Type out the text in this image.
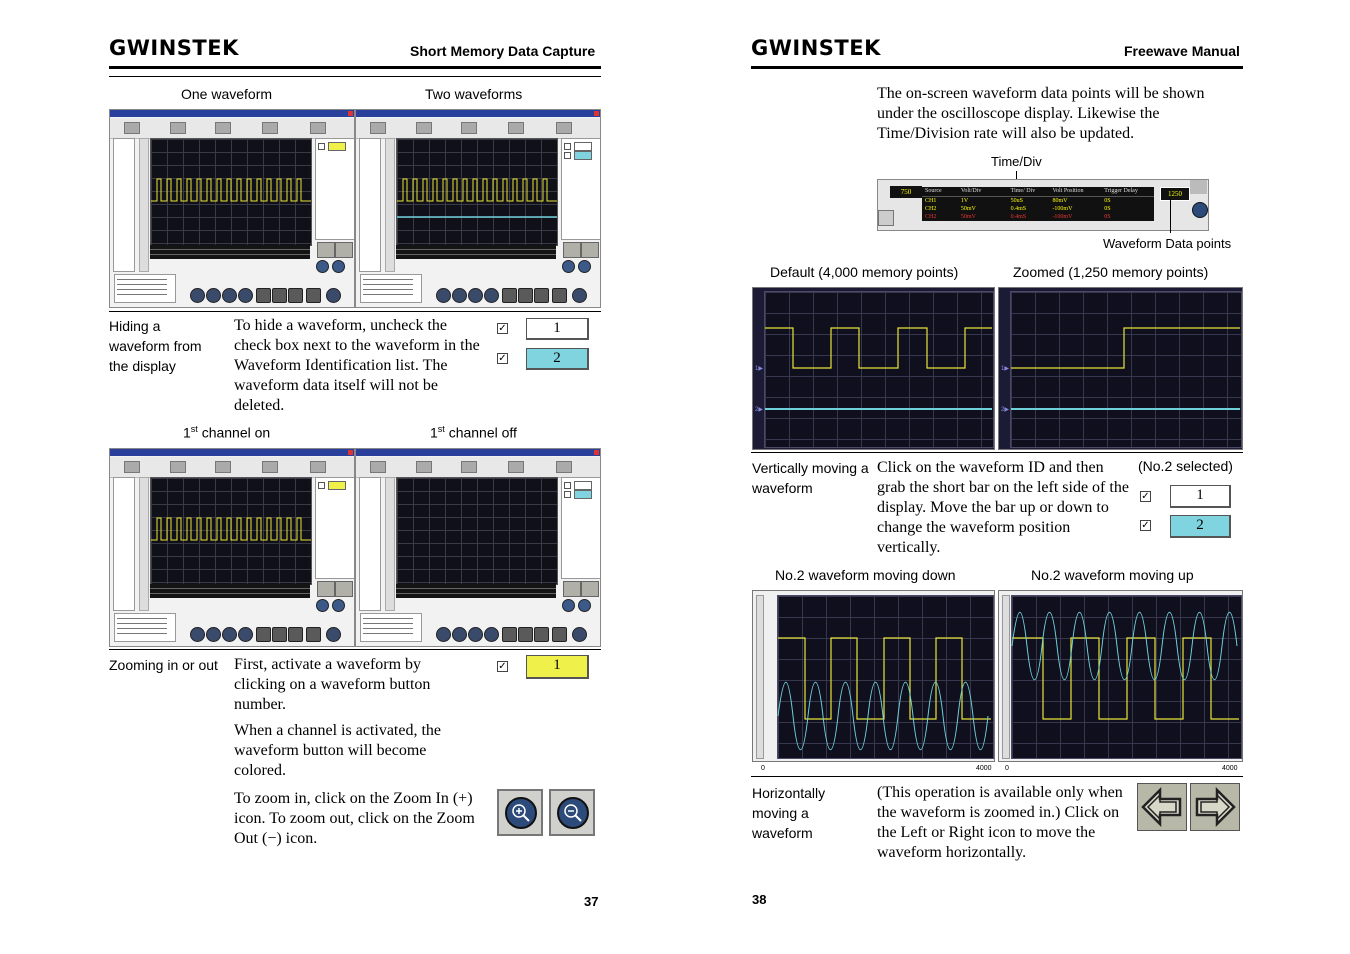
GWINSTEK	Short Memory Data Capture
One waveform	Two waveforms
Hiding a waveform from the display
To hide a waveform, uncheck the check box next to the waveform in the Waveform Identification list. The waveform data itself will not be deleted.
✓	1
✓	2
1st channel on	1st channel off
Zooming in or out First, activate a waveform by clicking on a waveform button number.
When a channel is activated, the waveform button will become colored.
To zoom in, click on the Zoom In (+) icon. To zoom out, click on the Zoom Out (−) icon.
✓	1
37
GWINSTEK	Freewave Manual
The on-screen waveform data points will be shown under the oscilloscope display. Likewise the Time/Division rate will also be updated.
Time/Div
750	Source	Volt/Div	Time/ Div	Volt Position	Trigger Delay
CH1	1V	50uS	80mV	0S
CH2	50mV	0.4mS	-100mV	0S
CH2	50mV	0.4mS	-100mV	0S
1250
Waveform Data points
Default (4,000 memory points)	Zoomed (1,250 memory points)
1▶
2▶
1▶
2▶
Vertically moving a waveform
Click on the waveform ID and then grab the short bar on the left side of the display. Move the bar up or down to change the waveform position vertically.
(No.2 selected)
✓	1
✓	2
No.2 waveform moving down	No.2 waveform moving up
0	4000 0	4000
Horizontally moving a waveform
(This operation is available only when the waveform is zoomed in.) Click on the Left or Right icon to move the waveform horizontally.
38
